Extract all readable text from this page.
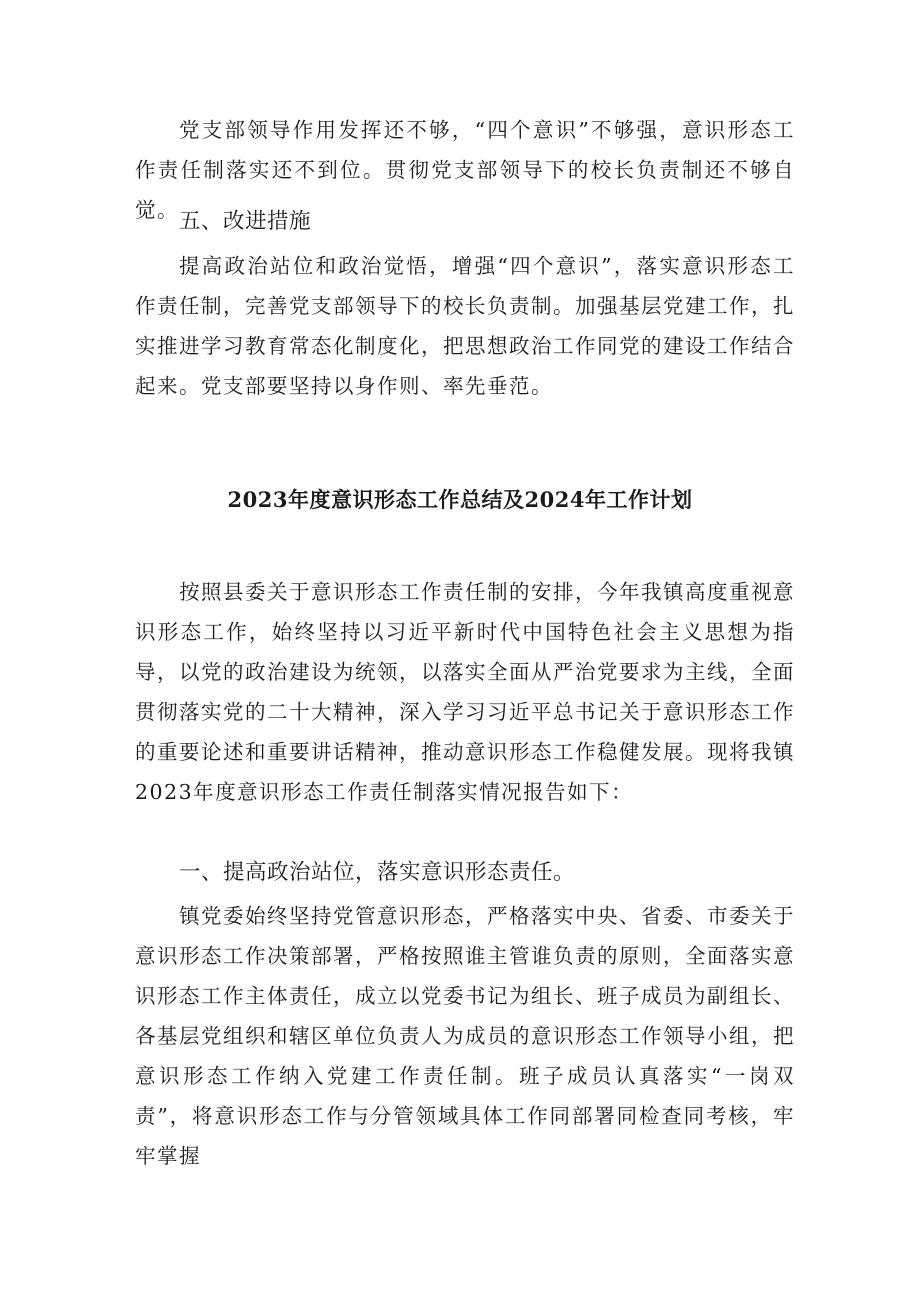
党支部领导作用发挥还不够，“四个意识”不够强，意识形态工作责任制落实还不到位。贯彻党支部领导下的校长负责制还不够自觉。 五、改进措施

提高政治站位和政治觉悟，增强“四个意识”，落实意识形态工作责任制，完善党支部领导下的校长负责制。加强基层党建工作，扎实推进学习教育常态化制度化，把思想政治工作同党的建设工作结合起来。党支部要坚持以身作则、率先垂范。

2023年度意识形态工作总结及2024年工作计划

按照县委关于意识形态工作责任制的安排，今年我镇高度重视意识形态工作，始终坚持以习近平新时代中国特色社会主义思想为指导，以党的政治建设为统领，以落实全面从严治党要求为主线，全面贯彻落实党的二十大精神，深入学习习近平总书记关于意识形态工作的重要论述和重要讲话精神，推动意识形态工作稳健发展。现将我镇2023年度意识形态工作责任制落实情况报告如下：

一、提高政治站位，落实意识形态责任。

镇党委始终坚持党管意识形态，严格落实中央、省委、市委关于意识形态工作决策部署，严格按照谁主管谁负责的原则，全面落实意识形态工作主体责任，成立以党委书记为组长、班子成员为副组长、各基层党组织和辖区单位负责人为成员的意识形态工作领导小组，把意识形态工作纳入党建工作责任制。班子成员认真落实“一岗双责”，将意识形态工作与分管领域具体工作同部署同检查同考核，牢牢掌握
